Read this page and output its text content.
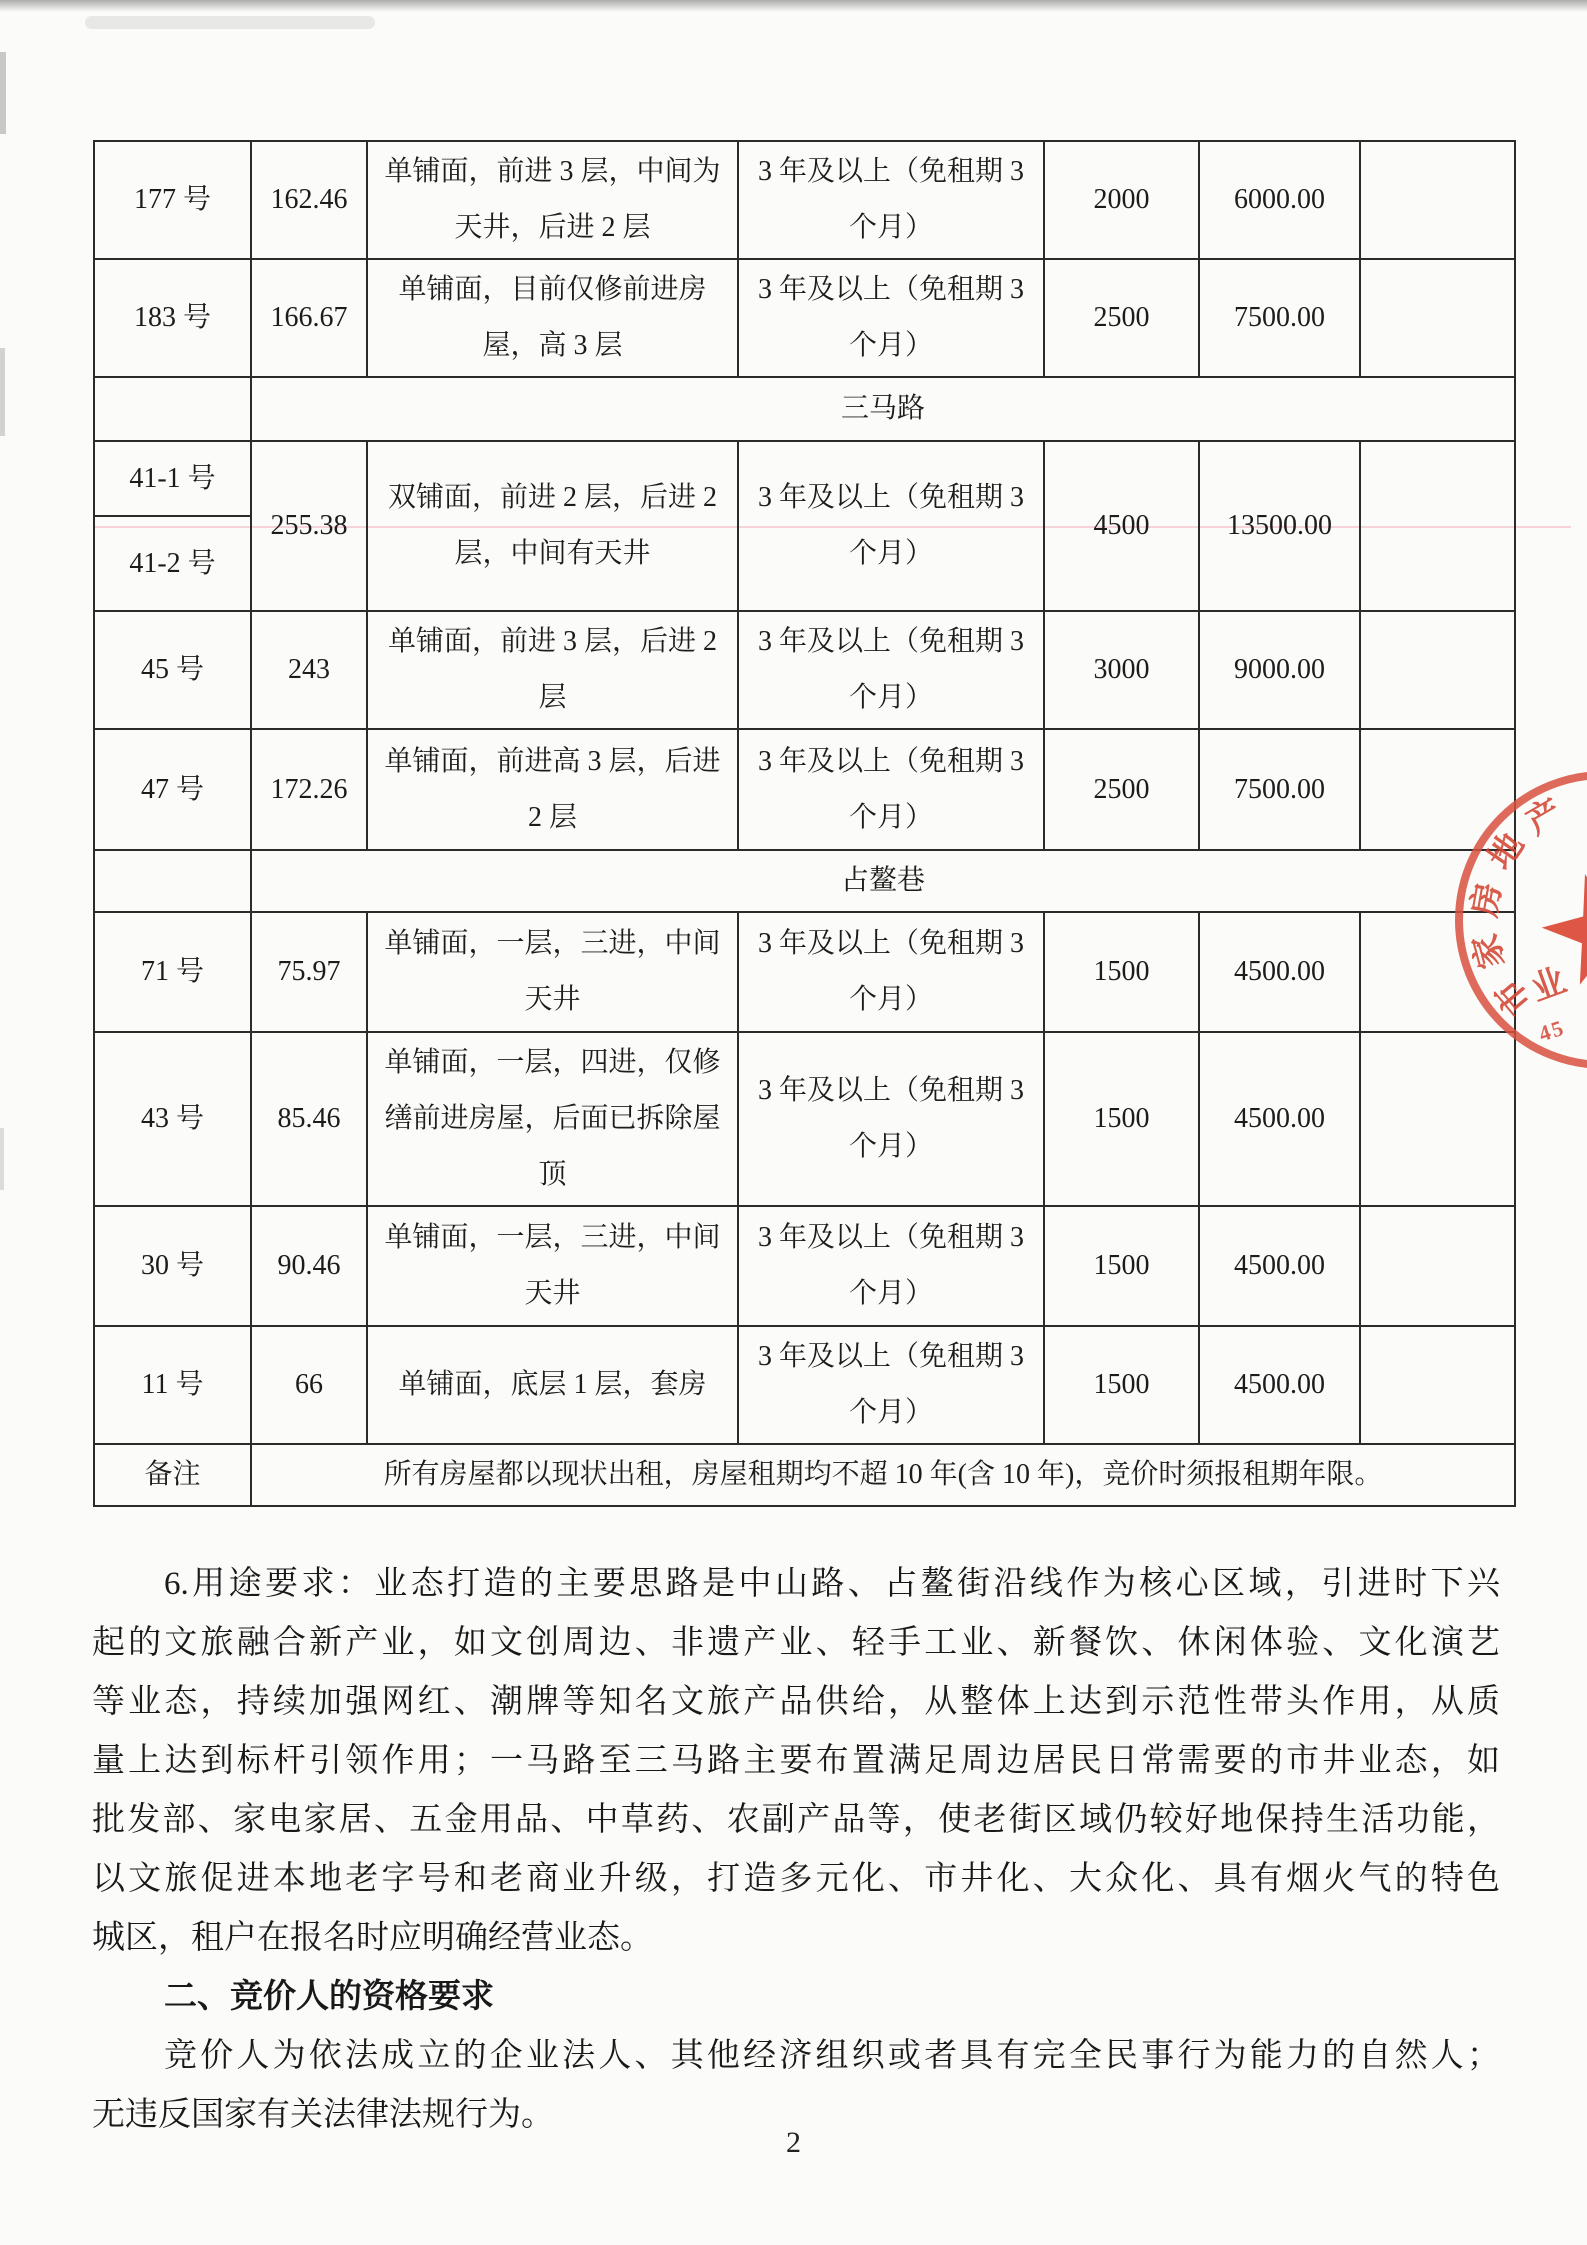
177 号	162.46	单铺面，前进 3 层，中间为天井，后进 2 层	3 年及以上（免租期 3 个月）	2000	6000.00	
183 号	166.67	单铺面，目前仅修前进房屋，高 3 层	3 年及以上（免租期 3 个月）	2500	7500.00	
	三马路					
41-1 号	255.38	双铺面，前进 2 层，后进 2 层，中间有天井	3 年及以上（免租期 3 个月）	4500	13500.00	
41-2 号						
45 号	243	单铺面，前进 3 层，后进 2 层	3 年及以上（免租期 3 个月）	3000	9000.00	
47 号	172.26	单铺面，前进高 3 层，后进 2 层	3 年及以上（免租期 3 个月）	2500	7500.00	
	占鳌巷					
71 号	75.97	单铺面，一层，三进，中间天井	3 年及以上（免租期 3 个月）	1500	4500.00	
43 号	85.46	单铺面，一层，四进，仅修缮前进房屋，后面已拆除屋顶	3 年及以上（免租期 3 个月）	1500	4500.00	
30 号	90.46	单铺面，一层，三进，中间天井	3 年及以上（免租期 3 个月）	1500	4500.00	
11 号	66	单铺面，底层 1 层，套房	3 年及以上（免租期 3 个月）	1500	4500.00	
备注	所有房屋都以现状出租，房屋租期均不超 10 年(含 10 年)，竞价时须报租期年限。					
6.用途要求：业态打造的主要思路是中山路、占鳌街沿线作为核心区域，引进时下兴
起的文旅融合新产业，如文创周边、非遗产业、轻手工业、新餐饮、休闲体验、文化演艺
等业态，持续加强网红、潮牌等知名文旅产品供给，从整体上达到示范性带头作用，从质
量上达到标杆引领作用；一马路至三马路主要布置满足周边居民日常需要的市井业态，如
批发部、家电家居、五金用品、中草药、农副产品等，使老街区域仍较好地保持生活功能，
以文旅促进本地老字号和老商业升级，打造多元化、市井化、大众化、具有烟火气的特色
城区，租户在报名时应明确经营业态。
二、竞价人的资格要求
竞价人为依法成立的企业法人、其他经济组织或者具有完全民事行为能力的自然人；
无违反国家有关法律法规行为。
2
市
家
房
地
产
业
45
